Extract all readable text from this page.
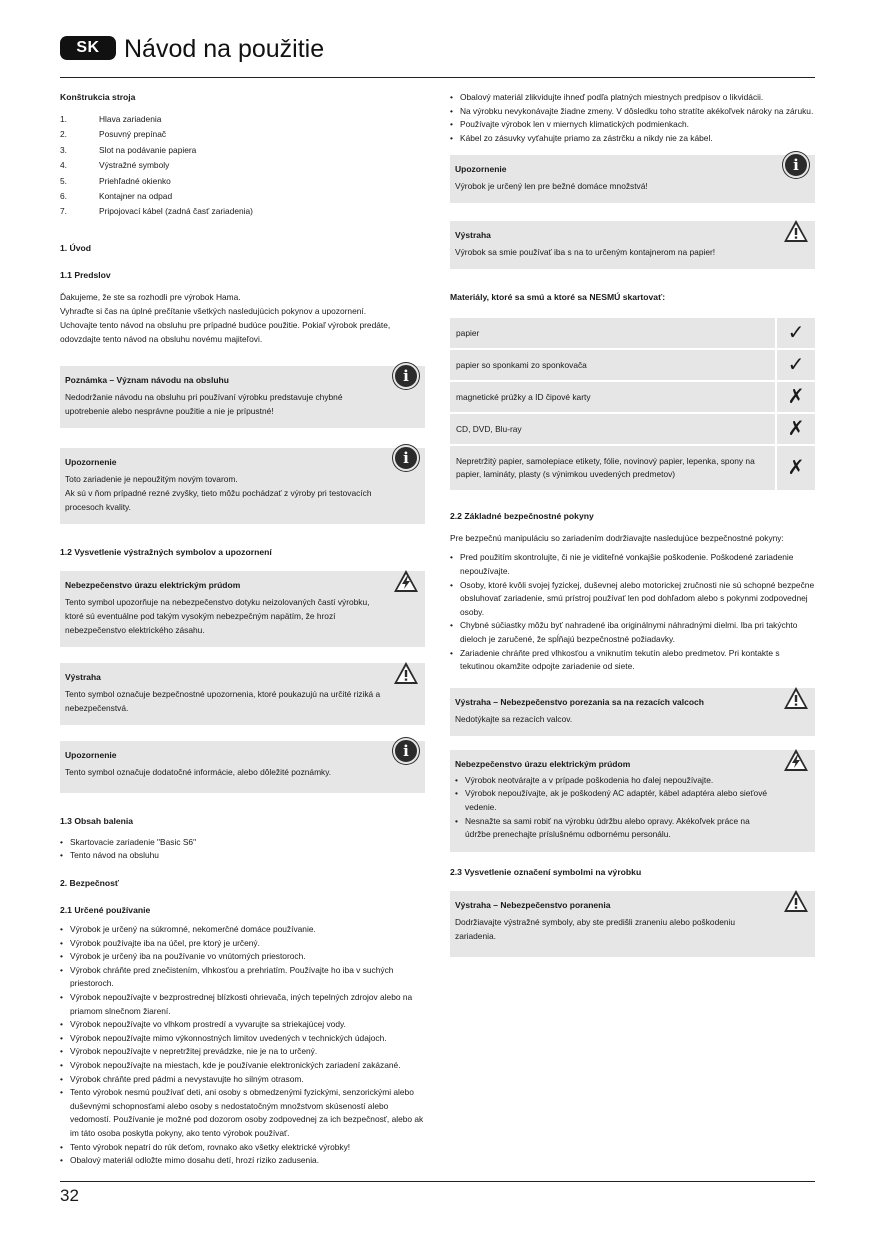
SK Návod na použitie
Konštrukcia stroja
1.	Hlava zariadenia
2.	Posuvný prepínač
3.	Slot na podávanie papiera
4.	Výstražné symboly
5.	Priehľadné okienko
6.	Kontajner na odpad
7.	Pripojovací kábel (zadná časť zariadenia)
1. Úvod
1.1 Predslov
Ďakujeme, že ste sa rozhodli pre výrobok Hama.
Vyhraďte si čas na úplné prečítanie všetkých nasledujúcich pokynov a upozornení.
Uchovajte tento návod na obsluhu pre prípadné budúce použitie. Pokiaľ výrobok predáte,
odovzdajte tento návod na obsluhu novému majiteľovi.
i
Poznámka – Význam návodu na obsluhu
Nedodržanie návodu na obsluhu pri používaní výrobku predstavuje chybné upotrebenie alebo nesprávne použitie a nie je prípustné!
i
Upozornenie
Toto zariadenie je nepoužitým novým tovarom.
Ak sú v ňom prípadné rezné zvyšky, tieto môžu pochádzať z výroby pri testovacích procesoch kvality.
1.2 Vysvetlenie výstražných symbolov a upozornení
Nebezpečenstvo úrazu elektrickým prúdom
Tento symbol upozorňuje na nebezpečenstvo dotyku neizolovaných častí výrobku, ktoré sú eventuálne pod takým vysokým nebezpečným napätím, že hrozí nebezpečenstvo elektrického zásahu.
Výstraha
Tento symbol označuje bezpečnostné upozornenia, ktoré poukazujú na určité riziká a nebezpečenstvá.
i
Upozornenie
Tento symbol označuje dodatočné informácie, alebo dôležité poznámky.
1.3 Obsah balenia
• Skartovacie zariadenie "Basic S6"
• Tento návod na obsluhu
2. Bezpečnosť
2.1 Určené používanie
• Výrobok je určený na súkromné, nekomerčné domáce používanie.
• Výrobok používajte iba na účel, pre ktorý je určený.
• Výrobok je určený iba na používanie vo vnútorných priestoroch.
• Výrobok chráňte pred znečistením, vlhkosťou a prehriatím. Používajte ho iba v suchých priestoroch.
• Výrobok nepoužívajte v bezprostrednej blízkosti ohrievača, iných tepelných zdrojov alebo na priamom slnečnom žiarení.
• Výrobok nepoužívajte vo vlhkom prostredí a vyvarujte sa striekajúcej vody.
• Výrobok nepoužívajte mimo výkonnostných limitov uvedených v technických údajoch.
• Výrobok nepoužívajte v nepretržitej prevádzke, nie je na to určený.
• Výrobok nepoužívajte na miestach, kde je používanie elektronických zariadení zakázané.
• Výrobok chráňte pred pádmi a nevystavujte ho silným otrasom.
• Tento výrobok nesmú používať deti, ani osoby s obmedzenými fyzickými, senzorickými alebo duševnými schopnosťami alebo osoby s nedostatočným množstvom skúseností alebo vedomostí. Používanie je možné pod dozorom osoby zodpovednej za ich bezpečnosť, alebo ak im táto osoba poskytla pokyny, ako tento výrobok používať.
• Tento výrobok nepatrí do rúk deťom, rovnako ako všetky elektrické výrobky!
• Obalový materiál odložte mimo dosahu detí, hrozí riziko zadusenia.
• Obalový materiál zlikvidujte ihneď podľa platných miestnych predpisov o likvidácii.
• Na výrobku nevykonávajte žiadne zmeny. V dôsledku toho stratíte akékoľvek nároky na záruku.
• Používajte výrobok len v miernych klimatických podmienkach.
• Kábel zo zásuvky vyťahujte priamo za zástrčku a nikdy nie za kábel.
i
Upozornenie
Výrobok je určený len pre bežné domáce množstvá!
Výstraha
Výrobok sa smie používať iba s na to určeným kontajnerom na papier!
Materiály, ktoré sa smú a ktoré sa NESMÚ skartovať:
papier	✓
papier so sponkami zo sponkovača	✓
magnetické prúžky a ID čipové karty	✗
CD, DVD, Blu-ray	✗
Nepretržitý papier, samolepiace etikety, fólie, novinový papier, lepenka, spony na papier, lamináty, plasty (s výnimkou uvedených predmetov)	✗
2.2 Základné bezpečnostné pokyny
Pre bezpečnú manipuláciu so zariadením dodržiavajte nasledujúce bezpečnostné pokyny:
• Pred použitím skontrolujte, či nie je viditeľné vonkajšie poškodenie. Poškodené zariadenie nepoužívajte.
• Osoby, ktoré kvôli svojej fyzickej, duševnej alebo motorickej zručnosti nie sú schopné bezpečne obsluhovať zariadenie, smú prístroj používať len pod dohľadom alebo s pokynmi zodpovednej osoby.
• Chybné súčiastky môžu byť nahradené iba originálnymi náhradnými dielmi. Iba pri takýchto dieloch je zaručené, že spĺňajú bezpečnostné požiadavky.
• Zariadenie chráňte pred vlhkosťou a vniknutím tekutín alebo predmetov. Pri kontakte s tekutinou okamžite odpojte zariadenie od siete.
Výstraha – Nebezpečenstvo porezania sa na rezacích valcoch
Nedotýkajte sa rezacích valcov.
Nebezpečenstvo úrazu elektrickým prúdom
• Výrobok neotvárajte a v prípade poškodenia ho ďalej nepoužívajte.
• Výrobok nepoužívajte, ak je poškodený AC adaptér, kábel adaptéra alebo sieťové vedenie.
• Nesnažte sa sami robiť na výrobku údržbu alebo opravy. Akékoľvek práce na údržbe prenechajte príslušnému odbornému personálu.
2.3 Vysvetlenie označení symbolmi na výrobku
Výstraha – Nebezpečenstvo poranenia
Dodržiavajte výstražné symboly, aby ste predišli zraneniu alebo poškodeniu zariadenia.
32
